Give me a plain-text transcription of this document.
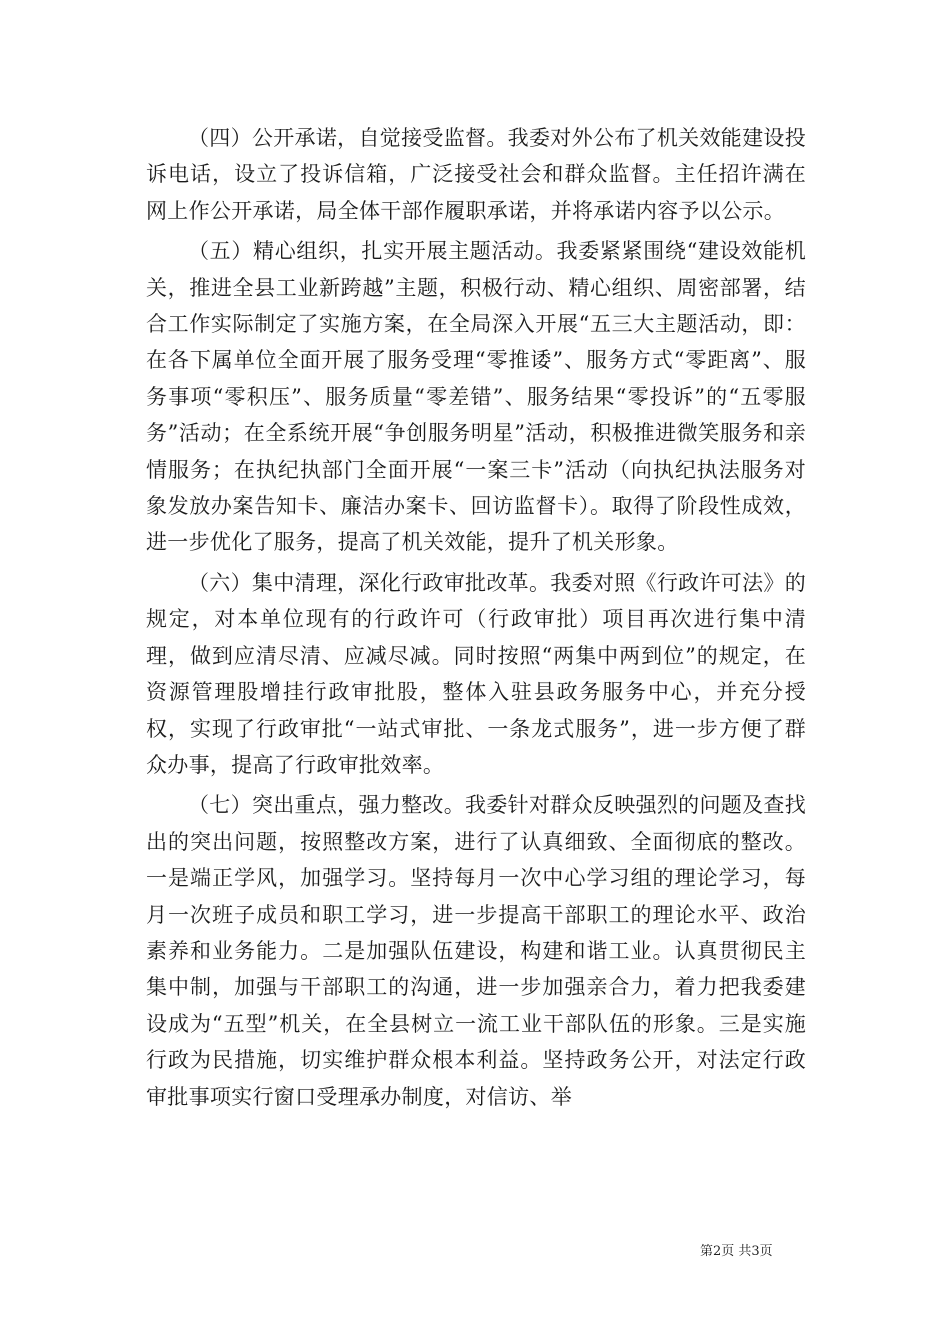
（四）公开承诺，自觉接受监督。我委对外公布了机关效能建设投诉电话，设立了投诉信箱，广泛接受社会和群众监督。主任招许满在网上作公开承诺，局全体干部作履职承诺，并将承诺内容予以公示。

（五）精心组织，扎实开展主题活动。我委紧紧围绕“建设效能机关，推进全县工业新跨越”主题，积极行动、精心组织、周密部署，结合工作实际制定了实施方案，在全局深入开展“五三大主题活动，即：在各下属单位全面开展了服务受理“零推诿”、服务方式“零距离”、服务事项“零积压”、服务质量“零差错”、服务结果“零投诉”的“五零服务”活动；在全系统开展“争创服务明星”活动，积极推进微笑服务和亲情服务；在执纪执部门全面开展“一案三卡”活动（向执纪执法服务对象发放办案告知卡、廉洁办案卡、回访监督卡）。取得了阶段性成效，进一步优化了服务，提高了机关效能，提升了机关形象。

（六）集中清理，深化行政审批改革。我委对照《行政许可法》的规定，对本单位现有的行政许可（行政审批）项目再次进行集中清理，做到应清尽清、应减尽减。同时按照“两集中两到位”的规定，在资源管理股增挂行政审批股，整体入驻县政务服务中心，并充分授权，实现了行政审批“一站式审批、一条龙式服务”，进一步方便了群众办事，提高了行政审批效率。

（七）突出重点，强力整改。我委针对群众反映强烈的问题及查找出的突出问题，按照整改方案，进行了认真细致、全面彻底的整改。一是端正学风，加强学习。坚持每月一次中心学习组的理论学习，每月一次班子成员和职工学习，进一步提高干部职工的理论水平、政治素养和业务能力。二是加强队伍建设，构建和谐工业。认真贯彻民主集中制，加强与干部职工的沟通，进一步加强亲合力，着力把我委建设成为“五型”机关，在全县树立一流工业干部队伍的形象。三是实施行政为民措施，切实维护群众根本利益。坚持政务公开，对法定行政审批事项实行窗口受理承办制度，对信访、举

第2页 共3页
